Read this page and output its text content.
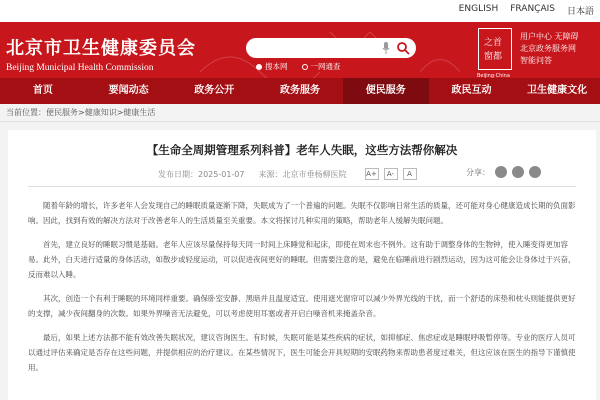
ENGLISH FRANÇAIS 日本語
北京市卫生健康委员会
Beijing Municipal Health Commission	搜本网	一网通查
之首
窗都
Beijing·China
用户中心 无障碍
北京政务服务网
智能问答
首页	要闻动态	政务公开	政务服务	便民服务	政民互动	卫生健康文化
当前位置：便民服务>健康知识>健康生活
【生命全周期管理系列科普】老年人失眠，这些方法帮你解决
发布日期：2025-01-07 来源：北京市垂杨柳医院	A+	A-	A	分享：

随着年龄的增长，许多老年人会发现自己的睡眠质量逐渐下降，失眠成为了一个普遍的问题。失眠不仅影响日常生活的质量，还可能对身心健康造成长期的负面影响。因此，找到有效的解决方法对于改善老年人的生活质量至关重要。本文将探讨几种实用的策略，帮助老年人缓解失眠问题。

首先，建立良好的睡眠习惯是基础。老年人应该尽量保持每天同一时间上床睡觉和起床，即使在周末也不例外。这有助于调整身体的生物钟，使入睡变得更加容易。此外，白天进行适量的身体活动，如散步或轻度运动，可以促进夜间更好的睡眠。但需要注意的是，避免在临睡前进行剧烈运动，因为这可能会让身体过于兴奋，反而难以入睡。

其次，创造一个有利于睡眠的环境同样重要。确保卧室安静、黑暗并且温度适宜。使用遮光窗帘可以减少外界光线的干扰，而一个舒适的床垫和枕头则能提供更好的支撑，减少夜间翻身的次数。如果外界噪音无法避免，可以考虑使用耳塞或者开启白噪音机来掩盖杂音。

最后，如果上述方法都不能有效改善失眠状况，建议咨询医生。有时候，失眠可能是某些疾病的症状，如抑郁症、焦虑症或是睡眠呼吸暂停等。专业的医疗人员可以通过评估来确定是否存在这些问题，并提供相应的治疗建议。在某些情况下，医生可能会开具短期的安眠药物来帮助患者度过难关，但这应该在医生的指导下谨慎使用。
